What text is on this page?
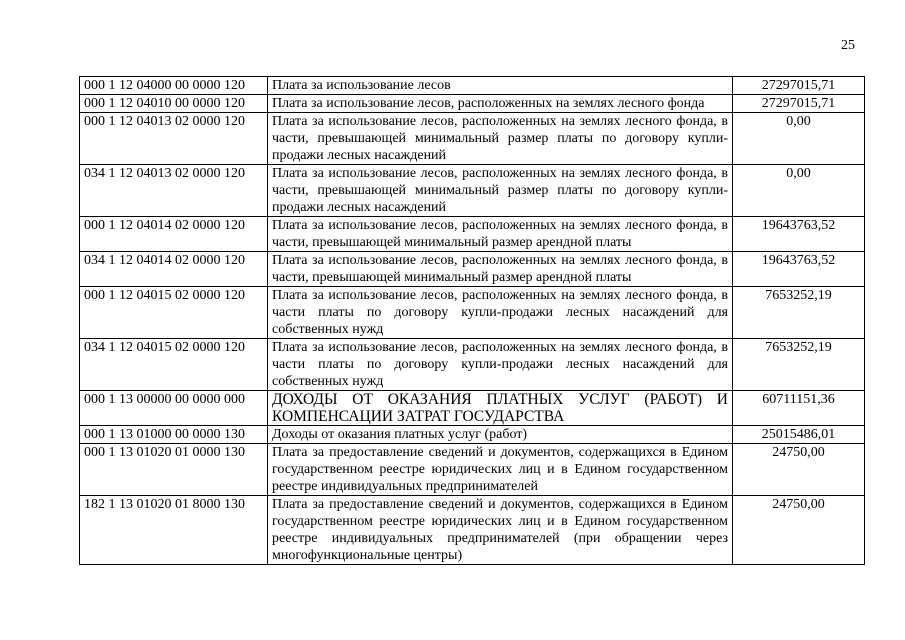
25
000 1 12 04000 00 0000 120	Плата за использование лесов	27297015,71
000 1 12 04010 00 0000 120	Плата за использование лесов, расположенных на землях лесного фонда	27297015,71
000 1 12 04013 02 0000 120	Плата за использование лесов, расположенных на землях лесного фонда, в части, превышающей минимальный размер платы по договору купли-продажи лесных насаждений	0,00
034 1 12 04013 02 0000 120	Плата за использование лесов, расположенных на землях лесного фонда, в части, превышающей минимальный размер платы по договору купли-продажи лесных насаждений	0,00
000 1 12 04014 02 0000 120	Плата за использование лесов, расположенных на землях лесного фонда, в части, превышающей минимальный размер арендной платы	19643763,52
034 1 12 04014 02 0000 120	Плата за использование лесов, расположенных на землях лесного фонда, в части, превышающей минимальный размер арендной платы	19643763,52
000 1 12 04015 02 0000 120	Плата за использование лесов, расположенных на землях лесного фонда, в части платы по договору купли-продажи лесных насаждений для собственных нужд	7653252,19
034 1 12 04015 02 0000 120	Плата за использование лесов, расположенных на землях лесного фонда, в части платы по договору купли-продажи лесных насаждений для собственных нужд	7653252,19
000 1 13 00000 00 0000 000	ДОХОДЫ ОТ ОКАЗАНИЯ ПЛАТНЫХ УСЛУГ (РАБОТ) И КОМПЕНСАЦИИ ЗАТРАТ ГОСУДАРСТВА	60711151,36
000 1 13 01000 00 0000 130	Доходы от оказания платных услуг (работ)	25015486,01
000 1 13 01020 01 0000 130	Плата за предоставление сведений и документов, содержащихся в Едином государственном реестре юридических лиц и в Едином государственном реестре индивидуальных предпринимателей	24750,00
182 1 13 01020 01 8000 130	Плата за предоставление сведений и документов, содержащихся в Едином государственном реестре юридических лиц и в Едином государственном реестре индивидуальных предпринимателей (при обращении через многофункциональные центры)	24750,00
